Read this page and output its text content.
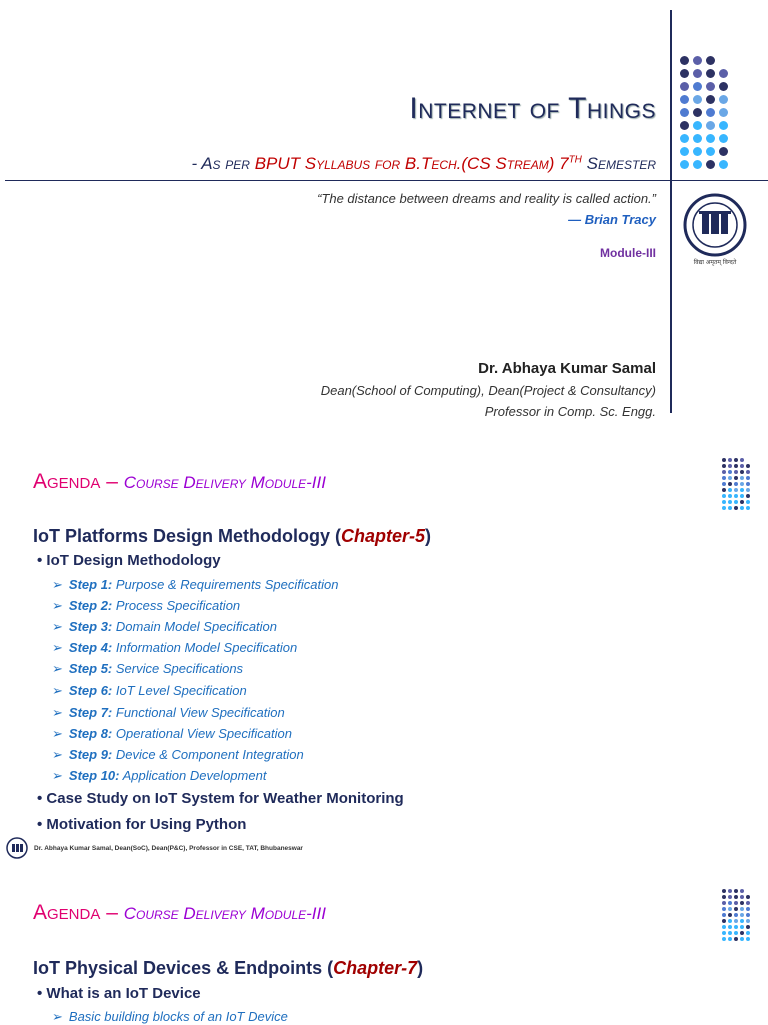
Internet of Things
- As per BPUT Syllabus for B.Tech.(CS Stream) 7TH Semester
“The distance between dreams and reality is called action.”
— Brian Tracy
Module-III
विद्या अमृतम् विन्दते
Dr. Abhaya Kumar Samal
Dean(School of Computing), Dean(Project & Consultancy)
Professor in Comp. Sc. Engg.
Agenda – Course Delivery Module-III
IoT Platforms Design Methodology (Chapter-5)
• IoT Design Methodology
➢ Step 1: Purpose & Requirements Specification
➢ Step 2: Process Specification
➢ Step 3: Domain Model Specification
➢ Step 4: Information Model Specification
➢ Step 5: Service Specifications
➢ Step 6: IoT Level Specification
➢ Step 7: Functional View Specification
➢ Step 8: Operational View Specification
➢ Step 9: Device & Component Integration
➢ Step 10: Application Development
• Case Study on IoT System for Weather Monitoring
• Motivation for Using Python
Dr. Abhaya Kumar Samal, Dean(SoC), Dean(P&C), Professor in CSE, TAT, Bhubaneswar
Agenda – Course Delivery Module-III
IoT Physical Devices & Endpoints (Chapter-7)
• What is an IoT Device
➢ Basic building blocks of an IoT Device
